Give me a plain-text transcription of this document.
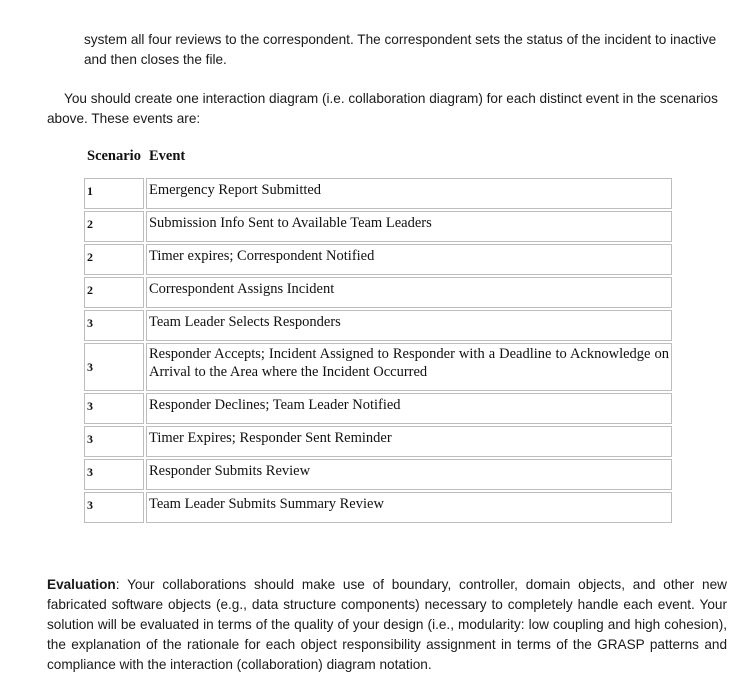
system all four reviews to the correspondent. The correspondent sets the status of the incident to inactive and then closes the file.

You should create one interaction diagram (i.e. collaboration diagram) for each distinct event in the scenarios above. These events are:

Scenario	Event
1	Emergency Report Submitted
2	Submission Info Sent to Available Team Leaders
2	Timer expires; Correspondent Notified
2	Correspondent Assigns Incident
3	Team Leader Selects Responders
3	Responder Accepts; Incident Assigned to Responder with a Deadline to Acknowledge on Arrival to the Area where the Incident Occurred
3	Responder Declines; Team Leader Notified
3	Timer Expires; Responder Sent Reminder
3	Responder Submits Review
3	Team Leader Submits Summary Review

Evaluation: Your collaborations should make use of boundary, controller, domain objects, and other new fabricated software objects (e.g., data structure components) necessary to completely handle each event. Your solution will be evaluated in terms of the quality of your design (i.e., modularity: low coupling and high cohesion), the explanation of the rationale for each object responsibility assignment in terms of the GRASP patterns and compliance with the interaction (collaboration) diagram notation.
